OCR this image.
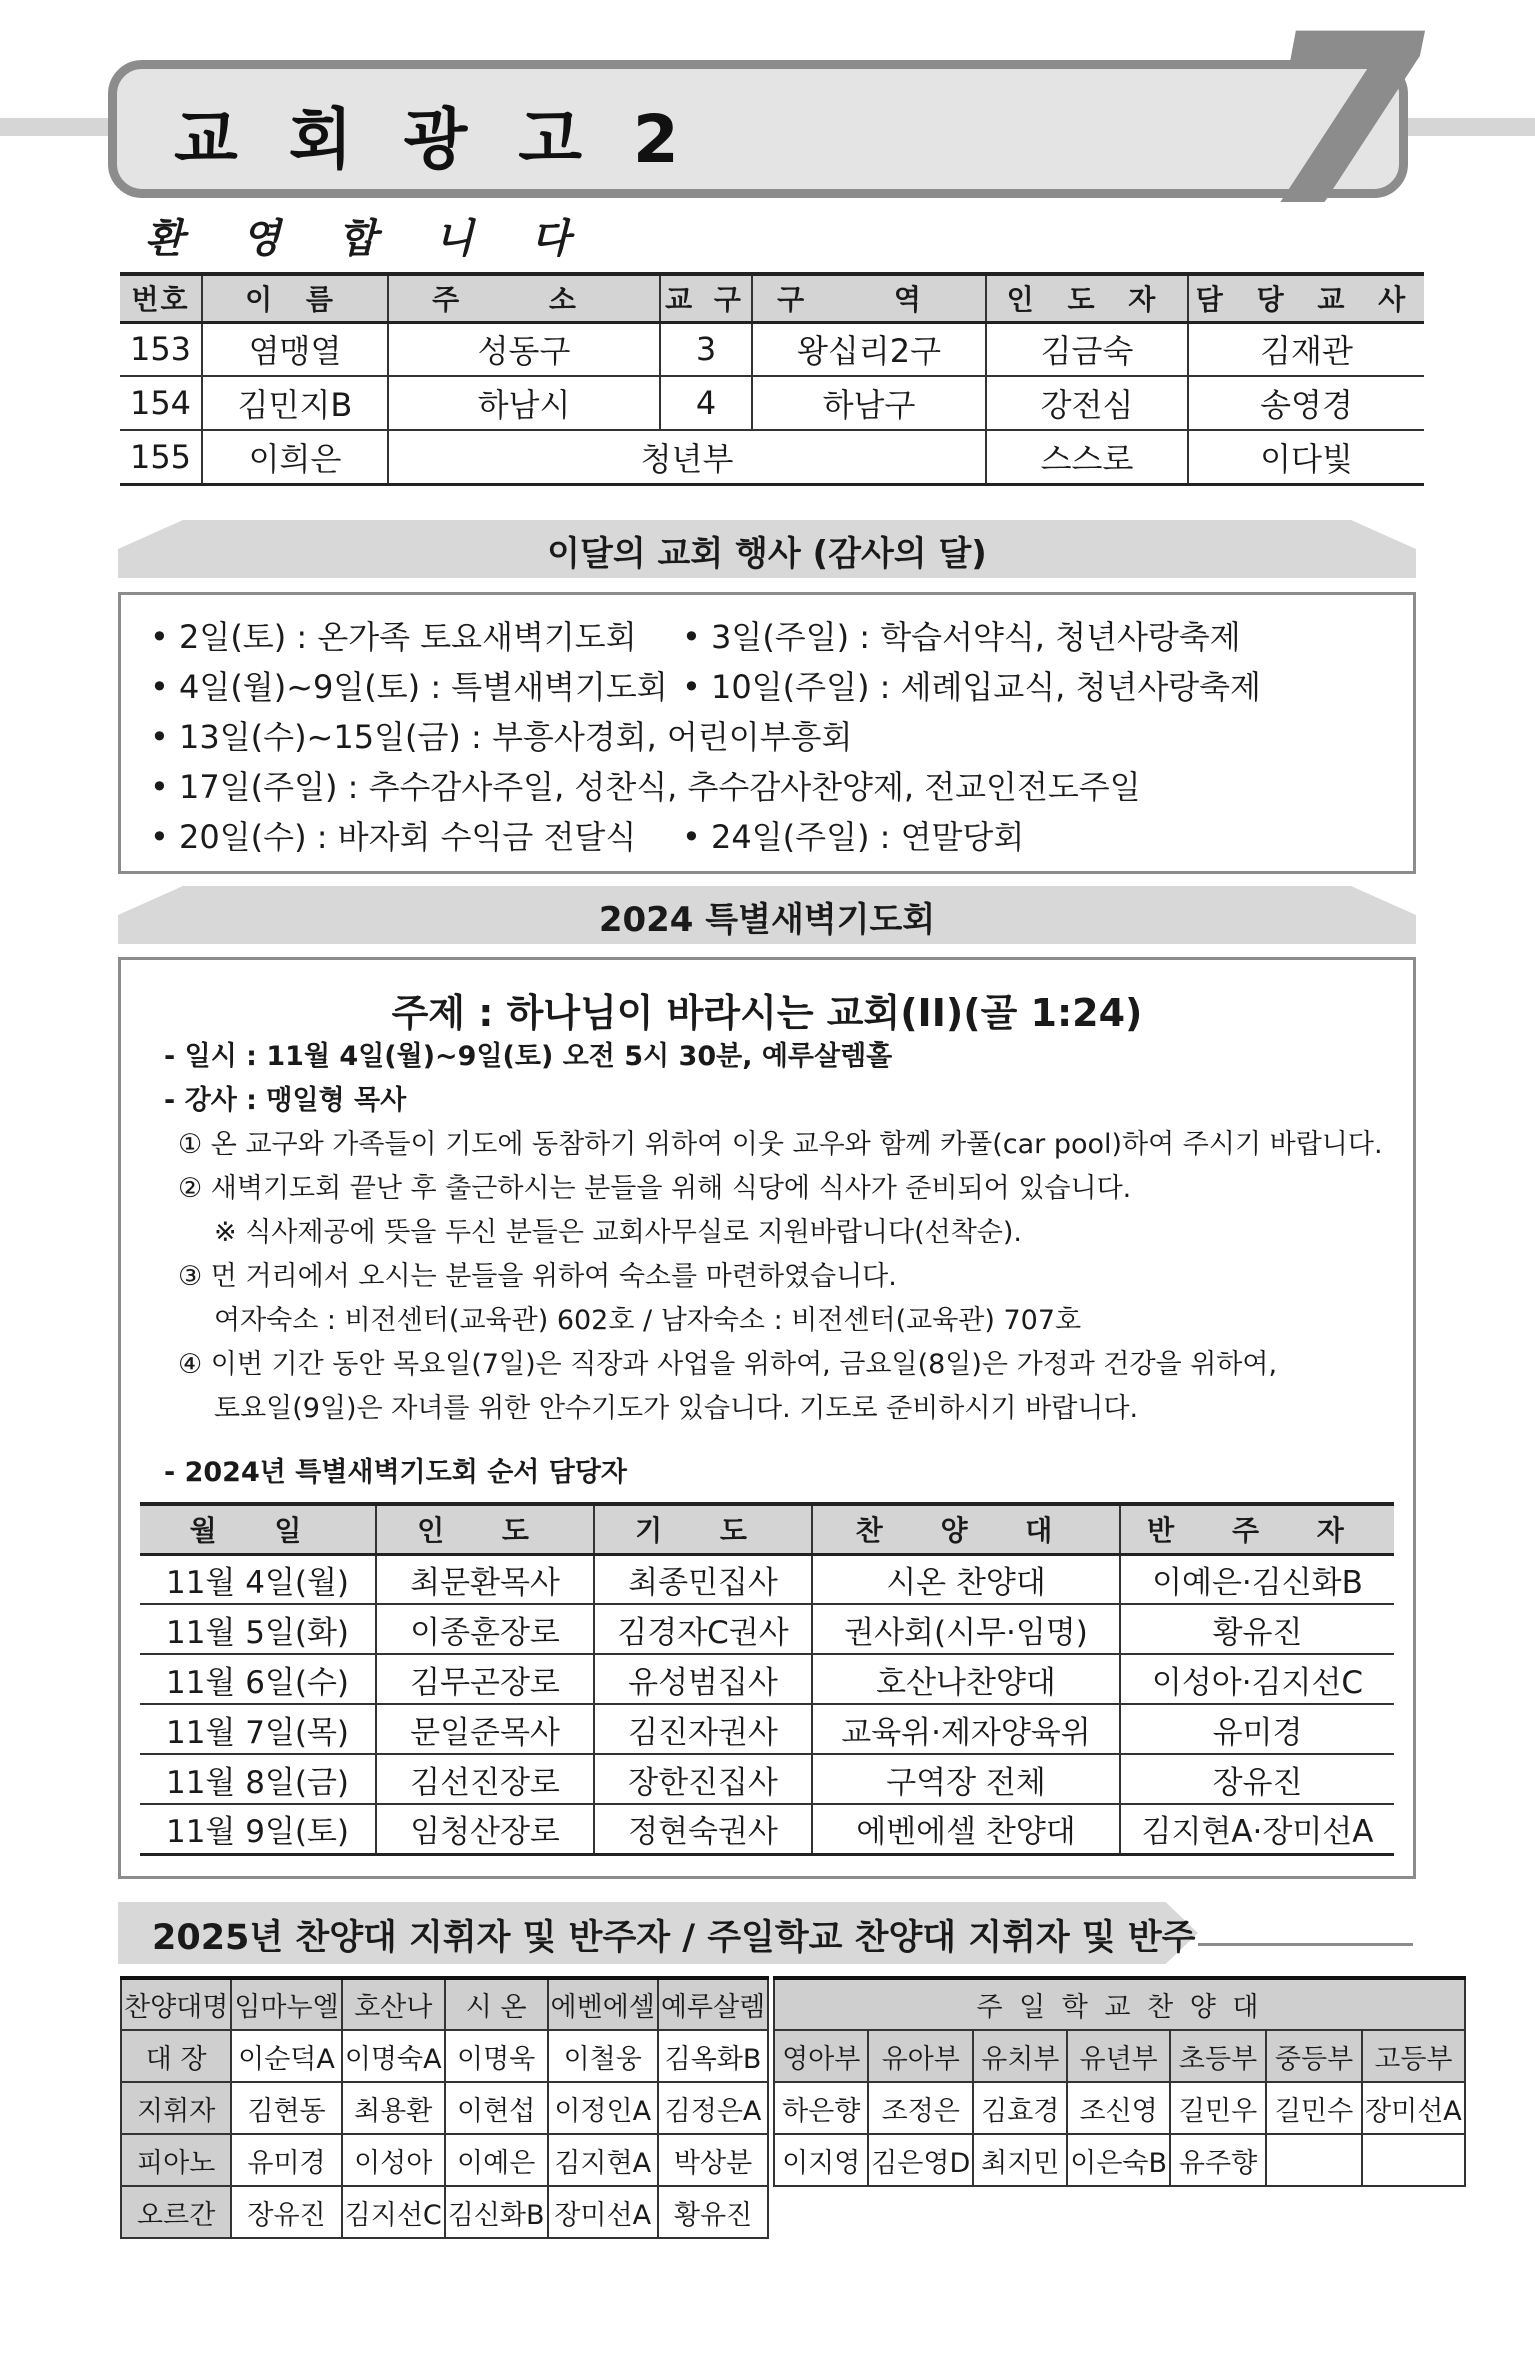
교 회 광 고 2 7
환 영 합 니 다
번호	이 름	주 소	교 구	구 역	인 도 자	담 당 교 사
153	염맹열	성동구	3	왕십리2구	김금숙	김재관
154	김민지B	하남시	4	하남구	강전심	송영경
155	이희은	청년부			스스로	이다빛
이달의 교회 행사 (감사의 달)
• 2일(토) : 온가족 토요새벽기도회 • 3일(주일) : 학습서약식, 청년사랑축제
• 4일(월)~9일(토) : 특별새벽기도회 • 10일(주일) : 세례입교식, 청년사랑축제
• 13일(수)~15일(금) : 부흥사경회, 어린이부흥회
• 17일(주일) : 추수감사주일, 성찬식, 추수감사찬양제, 전교인전도주일
• 20일(수) : 바자회 수익금 전달식 • 24일(주일) : 연말당회
2024 특별새벽기도회
주제 : 하나님이 바라시는 교회(II)(골 1:24)
- 일시 : 11월 4일(월)~9일(토) 오전 5시 30분, 예루살렘홀
- 강사 : 맹일형 목사
① 온 교구와 가족들이 기도에 동참하기 위하여 이웃 교우와 함께 카풀(car pool)하여 주시기 바랍니다.
② 새벽기도회 끝난 후 출근하시는 분들을 위해 식당에 식사가 준비되어 있습니다.
※ 식사제공에 뜻을 두신 분들은 교회사무실로 지원바랍니다(선착순).
③ 먼 거리에서 오시는 분들을 위하여 숙소를 마련하였습니다.
여자숙소 : 비전센터(교육관) 602호 / 남자숙소 : 비전센터(교육관) 707호
④ 이번 기간 동안 목요일(7일)은 직장과 사업을 위하여, 금요일(8일)은 가정과 건강을 위하여,
토요일(9일)은 자녀를 위한 안수기도가 있습니다. 기도로 준비하시기 바랍니다.
- 2024년 특별새벽기도회 순서 담당자
월 일	인 도	기 도	찬 양 대	반 주 자
11월 4일(월)	최문환목사	최종민집사	시온 찬양대	이예은·김신화B
11월 5일(화)	이종훈장로	김경자C권사	권사회(시무·임명)	황유진
11월 6일(수)	김무곤장로	유성범집사	호산나찬양대	이성아·김지선C
11월 7일(목)	문일준목사	김진자권사	교육위·제자양육위	유미경
11월 8일(금)	김선진장로	장한진집사	구역장 전체	장유진
11월 9일(토)	임청산장로	정현숙권사	에벤에셀 찬양대	김지현A·장미선A
2025년 찬양대 지휘자 및 반주자 / 주일학교 찬양대 지휘자 및 반주
찬양대명	임마누엘	호산나	시 온	에벤에셀	예루살렘		주 일 학 교 찬 양 대						
대 장	이순덕A	이명숙A	이명욱	이철웅	김옥화B		영아부	유아부	유치부	유년부	초등부	중등부	고등부
지휘자	김현동	최용환	이현섭	이정인A	김정은A		하은향	조정은	김효경	조신영	길민우	길민수	장미선A
피아노	유미경	이성아	이예은	김지현A	박상분		이지영	김은영D	최지민	이은숙B	유주향		
오르간	장유진	김지선C	김신화B	장미선A	황유진								
